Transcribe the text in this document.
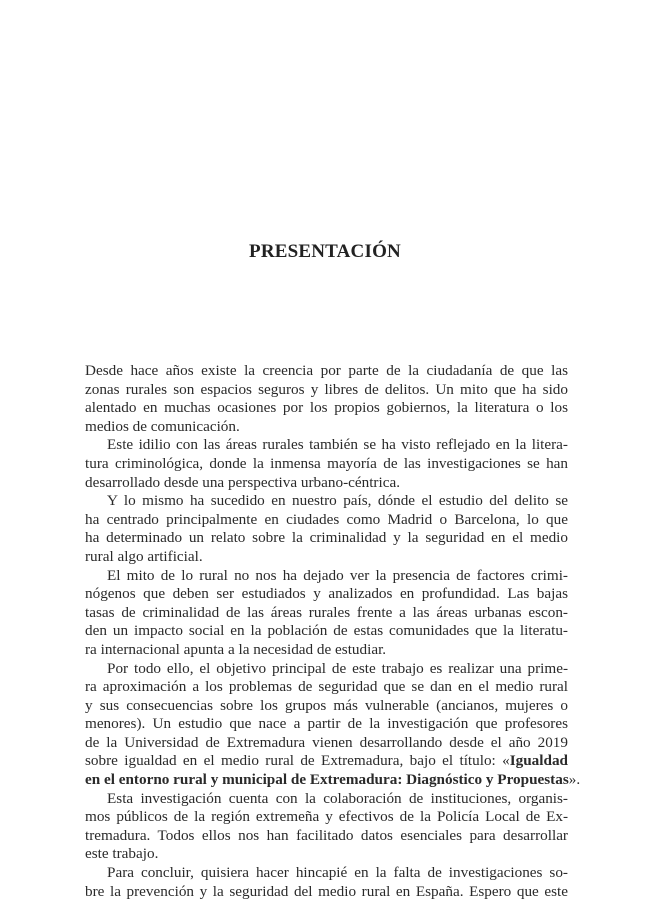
PRESENTACIÓN
Desde hace años existe la creencia por parte de la ciudadanía de que las
zonas rurales son espacios seguros y libres de delitos. Un mito que ha sido
alentado en muchas ocasiones por los propios gobiernos, la literatura o los
medios de comunicación.
Este idilio con las áreas rurales también se ha visto reflejado en la litera-
tura criminológica, donde la inmensa mayoría de las investigaciones se han
desarrollado desde una perspectiva urbano-céntrica.
Y lo mismo ha sucedido en nuestro país, dónde el estudio del delito se
ha centrado principalmente en ciudades como Madrid o Barcelona, lo que
ha determinado un relato sobre la criminalidad y la seguridad en el medio
rural algo artificial.
El mito de lo rural no nos ha dejado ver la presencia de factores crimi-
nógenos que deben ser estudiados y analizados en profundidad. Las bajas
tasas de criminalidad de las áreas rurales frente a las áreas urbanas escon-
den un impacto social en la población de estas comunidades que la literatu-
ra internacional apunta a la necesidad de estudiar.
Por todo ello, el objetivo principal de este trabajo es realizar una prime-
ra aproximación a los problemas de seguridad que se dan en el medio rural
y sus consecuencias sobre los grupos más vulnerable (ancianos, mujeres o
menores). Un estudio que nace a partir de la investigación que profesores
de la Universidad de Extremadura vienen desarrollando desde el año 2019
sobre igualdad en el medio rural de Extremadura, bajo el título: «Igualdad
en el entorno rural y municipal de Extremadura: Diagnóstico y Propuestas».
Esta investigación cuenta con la colaboración de instituciones, organis-
mos públicos de la región extremeña y efectivos de la Policía Local de Ex-
tremadura. Todos ellos nos han facilitado datos esenciales para desarrollar
este trabajo.
Para concluir, quisiera hacer hincapié en la falta de investigaciones so-
bre la prevención y la seguridad del medio rural en España. Espero que este
